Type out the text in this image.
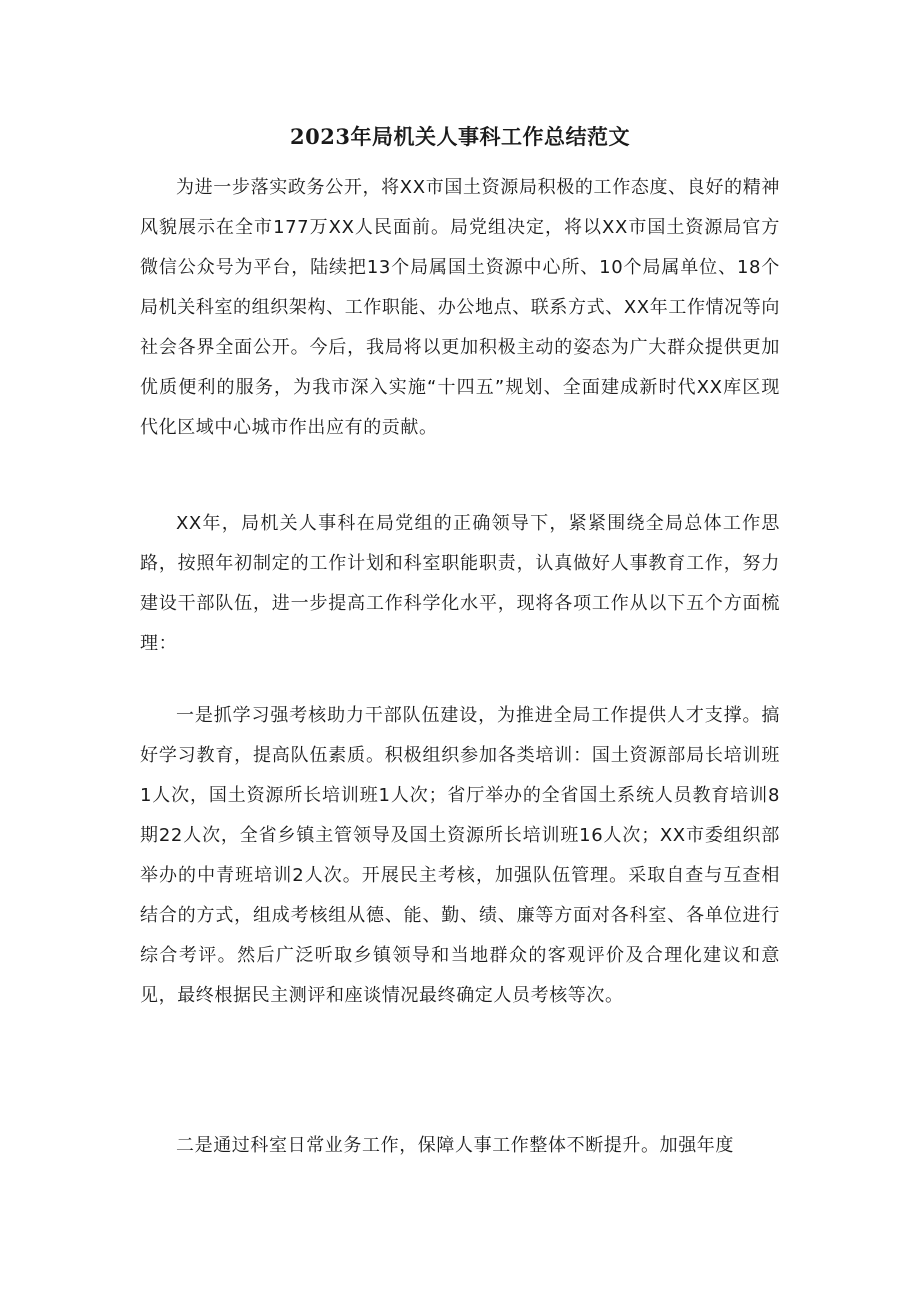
2023年局机关人事科工作总结范文

为进一步落实政务公开，将XX市国土资源局积极的工作态度、良好的精神风貌展示在全市177万XX人民面前。局党组决定，将以XX市国土资源局官方微信公众号为平台，陆续把13个局属国土资源中心所、10个局属单位、18个局机关科室的组织架构、工作职能、办公地点、联系方式、XX年工作情况等向社会各界全面公开。今后，我局将以更加积极主动的姿态为广大群众提供更加优质便利的服务，为我市深入实施“十四五”规划、全面建成新时代XX库区现代化区域中心城市作出应有的贡献。

XX年，局机关人事科在局党组的正确领导下，紧紧围绕全局总体工作思路，按照年初制定的工作计划和科室职能职责，认真做好人事教育工作，努力建设干部队伍，进一步提高工作科学化水平，现将各项工作从以下五个方面梳理：

一是抓学习强考核助力干部队伍建设，为推进全局工作提供人才支撑。搞好学习教育，提高队伍素质。积极组织参加各类培训：国土资源部局长培训班1人次，国土资源所长培训班1人次；省厅举办的全省国土系统人员教育培训8期22人次，全省乡镇主管领导及国土资源所长培训班16人次；XX市委组织部举办的中青班培训2人次。开展民主考核，加强队伍管理。采取自查与互查相结合的方式，组成考核组从德、能、勤、绩、廉等方面对各科室、各单位进行综合考评。然后广泛听取乡镇领导和当地群众的客观评价及合理化建议和意见，最终根据民主测评和座谈情况最终确定人员考核等次。

二是通过科室日常业务工作，保障人事工作整体不断提升。加强年度
